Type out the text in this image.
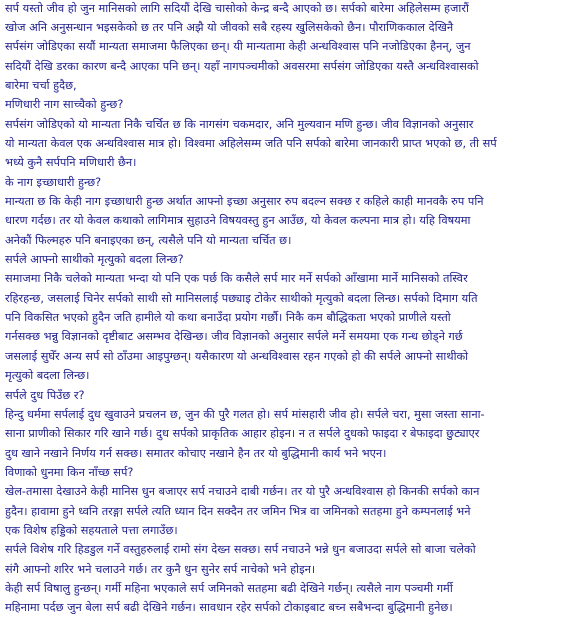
सर्प यस्तो जीव हो जुन मानिसको लागि सदियौं देखि चासोको केन्द्र बन्दै आएको छ। सर्पको बारेमा अहिलेसम्म हजारौं
खोज अनि अनुसन्धान भइसकेको छ तर पनि अझै यो जीवको सबै रहस्य खुलिसकेको छैन। पौराणिककाल देखिनै
सर्पसंग जोडिएका सयौं मान्यता समाजमा फैलिएका छन्। यी मान्यतामा केही अन्धविश्वास पनि नजोडिएका हैनन्, जुन
सदियौं देखि डरका कारण बन्दै आएका पनि छन्। यहाँ नागपञ्चमीको अवसरमा सर्पसंग जोडिएका यस्तै अन्धविश्वासको
बारेमा चर्चा हुदैछ,
मणिधारी नाग साच्चैको हुन्छ?
सर्पसंग जोडिएको यो मान्यता निकै चर्चित छ कि नागसंग चकमदार, अनि मुल्यवान मणि हुन्छ। जीव विज्ञानको अनुसार
यो मान्यता केवल एक अन्धविश्वास मात्र हो। विश्वमा अहिलेसम्म जति पनि सर्पको बारेमा जानकारी प्राप्त भएको छ, ती सर्प
भध्ये कुनै सर्पपनि मणिधारी छैन।
के नाग इच्छाधारी हुन्छ?
मान्यता छ कि केही नाग इच्छाधारी हुन्छ अर्थात आफ्नो इच्छा अनुसार रुप बदल्न सक्छ र कहिले काही मानवकै रुप पनि
धारण गर्दछ। तर यो केवल कथाको लागिमात्र सुहाउने विषयवस्तु हुन आउँछ, यो केवल कल्पना मात्र हो। यहि विषयमा
अनेकौं फिल्महरु पनि बनाइएका छन्, त्यसैले पनि यो मान्यता चर्चित छ।
सर्पले आफ्नो साथीको मृत्युको बदला लिन्छ?
समाजमा निकै चलेको मान्यता भन्दा यो पनि एक पर्छ कि कसैले सर्प मार मर्ने सर्पको आँखामा मार्ने मानिसको तस्विर
रहिरहन्छ, जसलाई चिनेर सर्पको साथी सो मानिसलाई पछ्याइ टोकेर साथीको मृत्युको बदला लिन्छ। सर्पको दिमाग यति
पनि विकसित भएको हुदैन जति हामीले यो कथा बनाउँदा प्रयोग गर्छौ। निकै कम बौद्धिकता भएको प्राणीले यस्तो
गर्नसक्छ भन्नु विज्ञानको दृष्टीबाट असम्भव देखिन्छ। जीव विज्ञानको अनुसार सर्पले मर्ने समयमा एक गन्ध छोड्ने गर्छ
जसलाई सुघेँर अन्य सर्प सो ठाँउमा आइपुग्छन्। यसैकारण यो अन्धविश्वास रहन गएको हो की सर्पले आफ्नो साथीको
मृत्युको बदला लिन्छ।
सर्पले दुध पिउँछ र?
हिन्दु धर्ममा सर्पलाई दुध खुवाउने प्रचलन छ, जुन की पुरै गलत हो। सर्प मांसहारी जीव हो। सर्पले चरा, मुसा जस्ता साना-
साना प्राणीको सिकार गरि खाने गर्छ। दुध सर्पको प्राकृतिक आहार होइन। न त सर्पले दुधको फाइदा र बेफाइदा छुट्याएर
दुध खाने नखाने निर्णय गर्न सक्छ। समातर कोचाए नखाने हैन तर यो बुद्धिमानी कार्य भने भएन।
विणाको धुनमा किन नाँच्छ सर्प?
खेल-तमासा देखाउने केही मानिस धुन बजाएर सर्प नचाउने दाबी गर्छन। तर यो पुरै अन्धविश्वास हो किनकी सर्पको कान
हुदैन। हावामा हुने ध्वनि तरङ्गा सर्पले त्यति ध्यान दिन सक्दैन तर जमिन भित्र वा जमिनको सतहमा हुने कम्पनलाई भने
एक विशेष हड्डिको सहयताले पत्ता लगाउँछ।
सर्पले विशेष गरि हिडडुल गर्ने वस्तुहरुलाई रामो संग देख्न सक्छ। सर्प नचाउने भन्ने धुन बजाउदा सर्पले सो बाजा चलेको
संगै आफ्नो शरिर भने चलाउने गर्छ। तर कुनै धुन सुनेर सर्प नाचेको भने होइन।
केही सर्प विषालु हुन्छन्। गर्मी महिना भएकाले सर्प जमिनको सतहमा बढी देखिने गर्छन्। त्यसैले नाग पञ्चमी गर्मी
महिनामा पर्दछ जुन बेला सर्प बढी देखिने गर्छन। सावधान रहेर सर्पको टोकाइबाट बच्न सबैभन्दा बुद्धिमानी हुनेछ।
